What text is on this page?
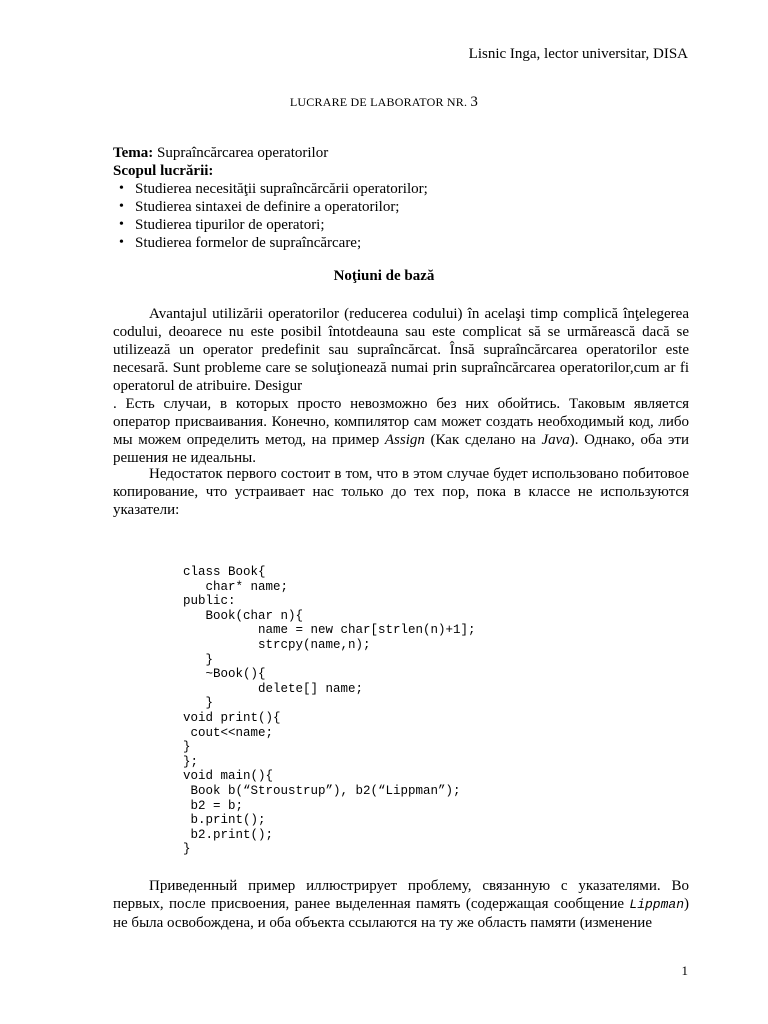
Lisnic Inga, lector universitar, DISA
LUCRARE DE LABORATOR NR. 3
Tema: Supraîncărcarea operatorilor
Scopul lucrării:
• Studierea necesităţii supraîncărcării operatorilor;
• Studierea sintaxei de definire a operatorilor;
• Studierea tipurilor de operatori;
• Studierea formelor de supraîncărcare;
Noţiuni de bază
Avantajul utilizării operatorilor (reducerea codului) în acelaşi timp complică înţelegerea codului, deoarece nu este posibil întotdeauna sau este complicat să se urmărească dacă se utilizează un operator predefinit sau supraîncărcat. Însă supraîncărcarea operatorilor este necesară. Sunt probleme care se soluţionează numai prin supraîncărcarea operatorilor,cum ar fi operatorul de atribuire. Desigur
. Есть случаи, в которых просто невозможно без них обойтись. Таковым является оператор присваивания. Конечно, компилятор сам может создать необходимый код, либо мы можем определить метод, на пример Assign (Как сделано на Java). Однако, оба эти решения не идеальны.
Недостаток первого состоит в том, что в этом случае будет использовано побитовое копирование, что устраивает нас только до тех пор, пока в классе не используются указатели:
class Book{
char* name;
public:
Book(char n){
name = new char[strlen(n)+1];
strcpy(name,n);
}
~Book(){
delete[] name;
}
void print(){
cout<<name;
}
};
void main(){
Book b(“Stroustrup”), b2(“Lippman”);
b2 = b;
b.print();
b2.print();
}
Приведенный пример иллюстрирует проблему, связанную с указателями. Во первых, после присвоения, ранее выделенная память (содержащая сообщение Lippman) не была освобождена, и оба объекта ссылаются на ту же область памяти (изменение
1
